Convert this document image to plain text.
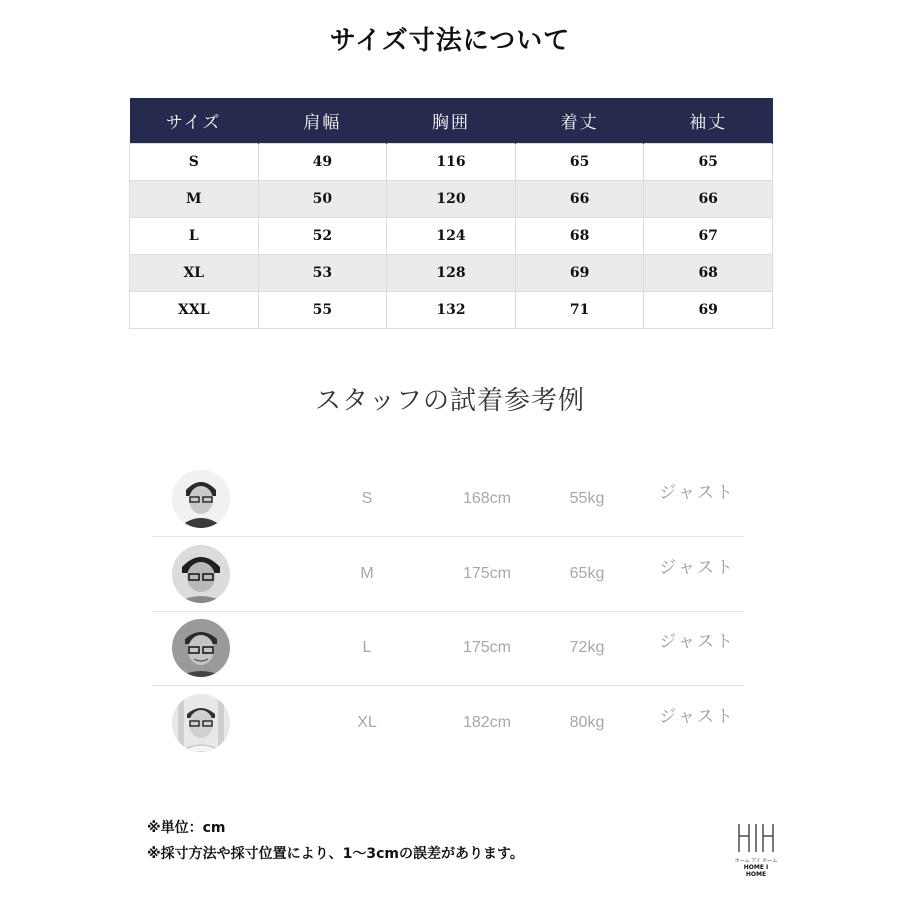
サイズ寸法について
サイズ	肩幅	胸囲	着丈	袖丈
S	49	116	65	65
M	50	120	66	66
L	52	124	68	67
XL	53	128	69	68
XXL	55	132	71	69
スタッフの試着参考例
S	168cm	55kg	ジャスト
M	175cm	65kg	ジャスト
L	175cm	72kg	ジャスト
XL	182cm	80kg	ジャスト
※単位：cm
※採寸方法や採寸位置により、1～3cmの誤差があります。	ホーム アイ ホーム
HOME I HOME
